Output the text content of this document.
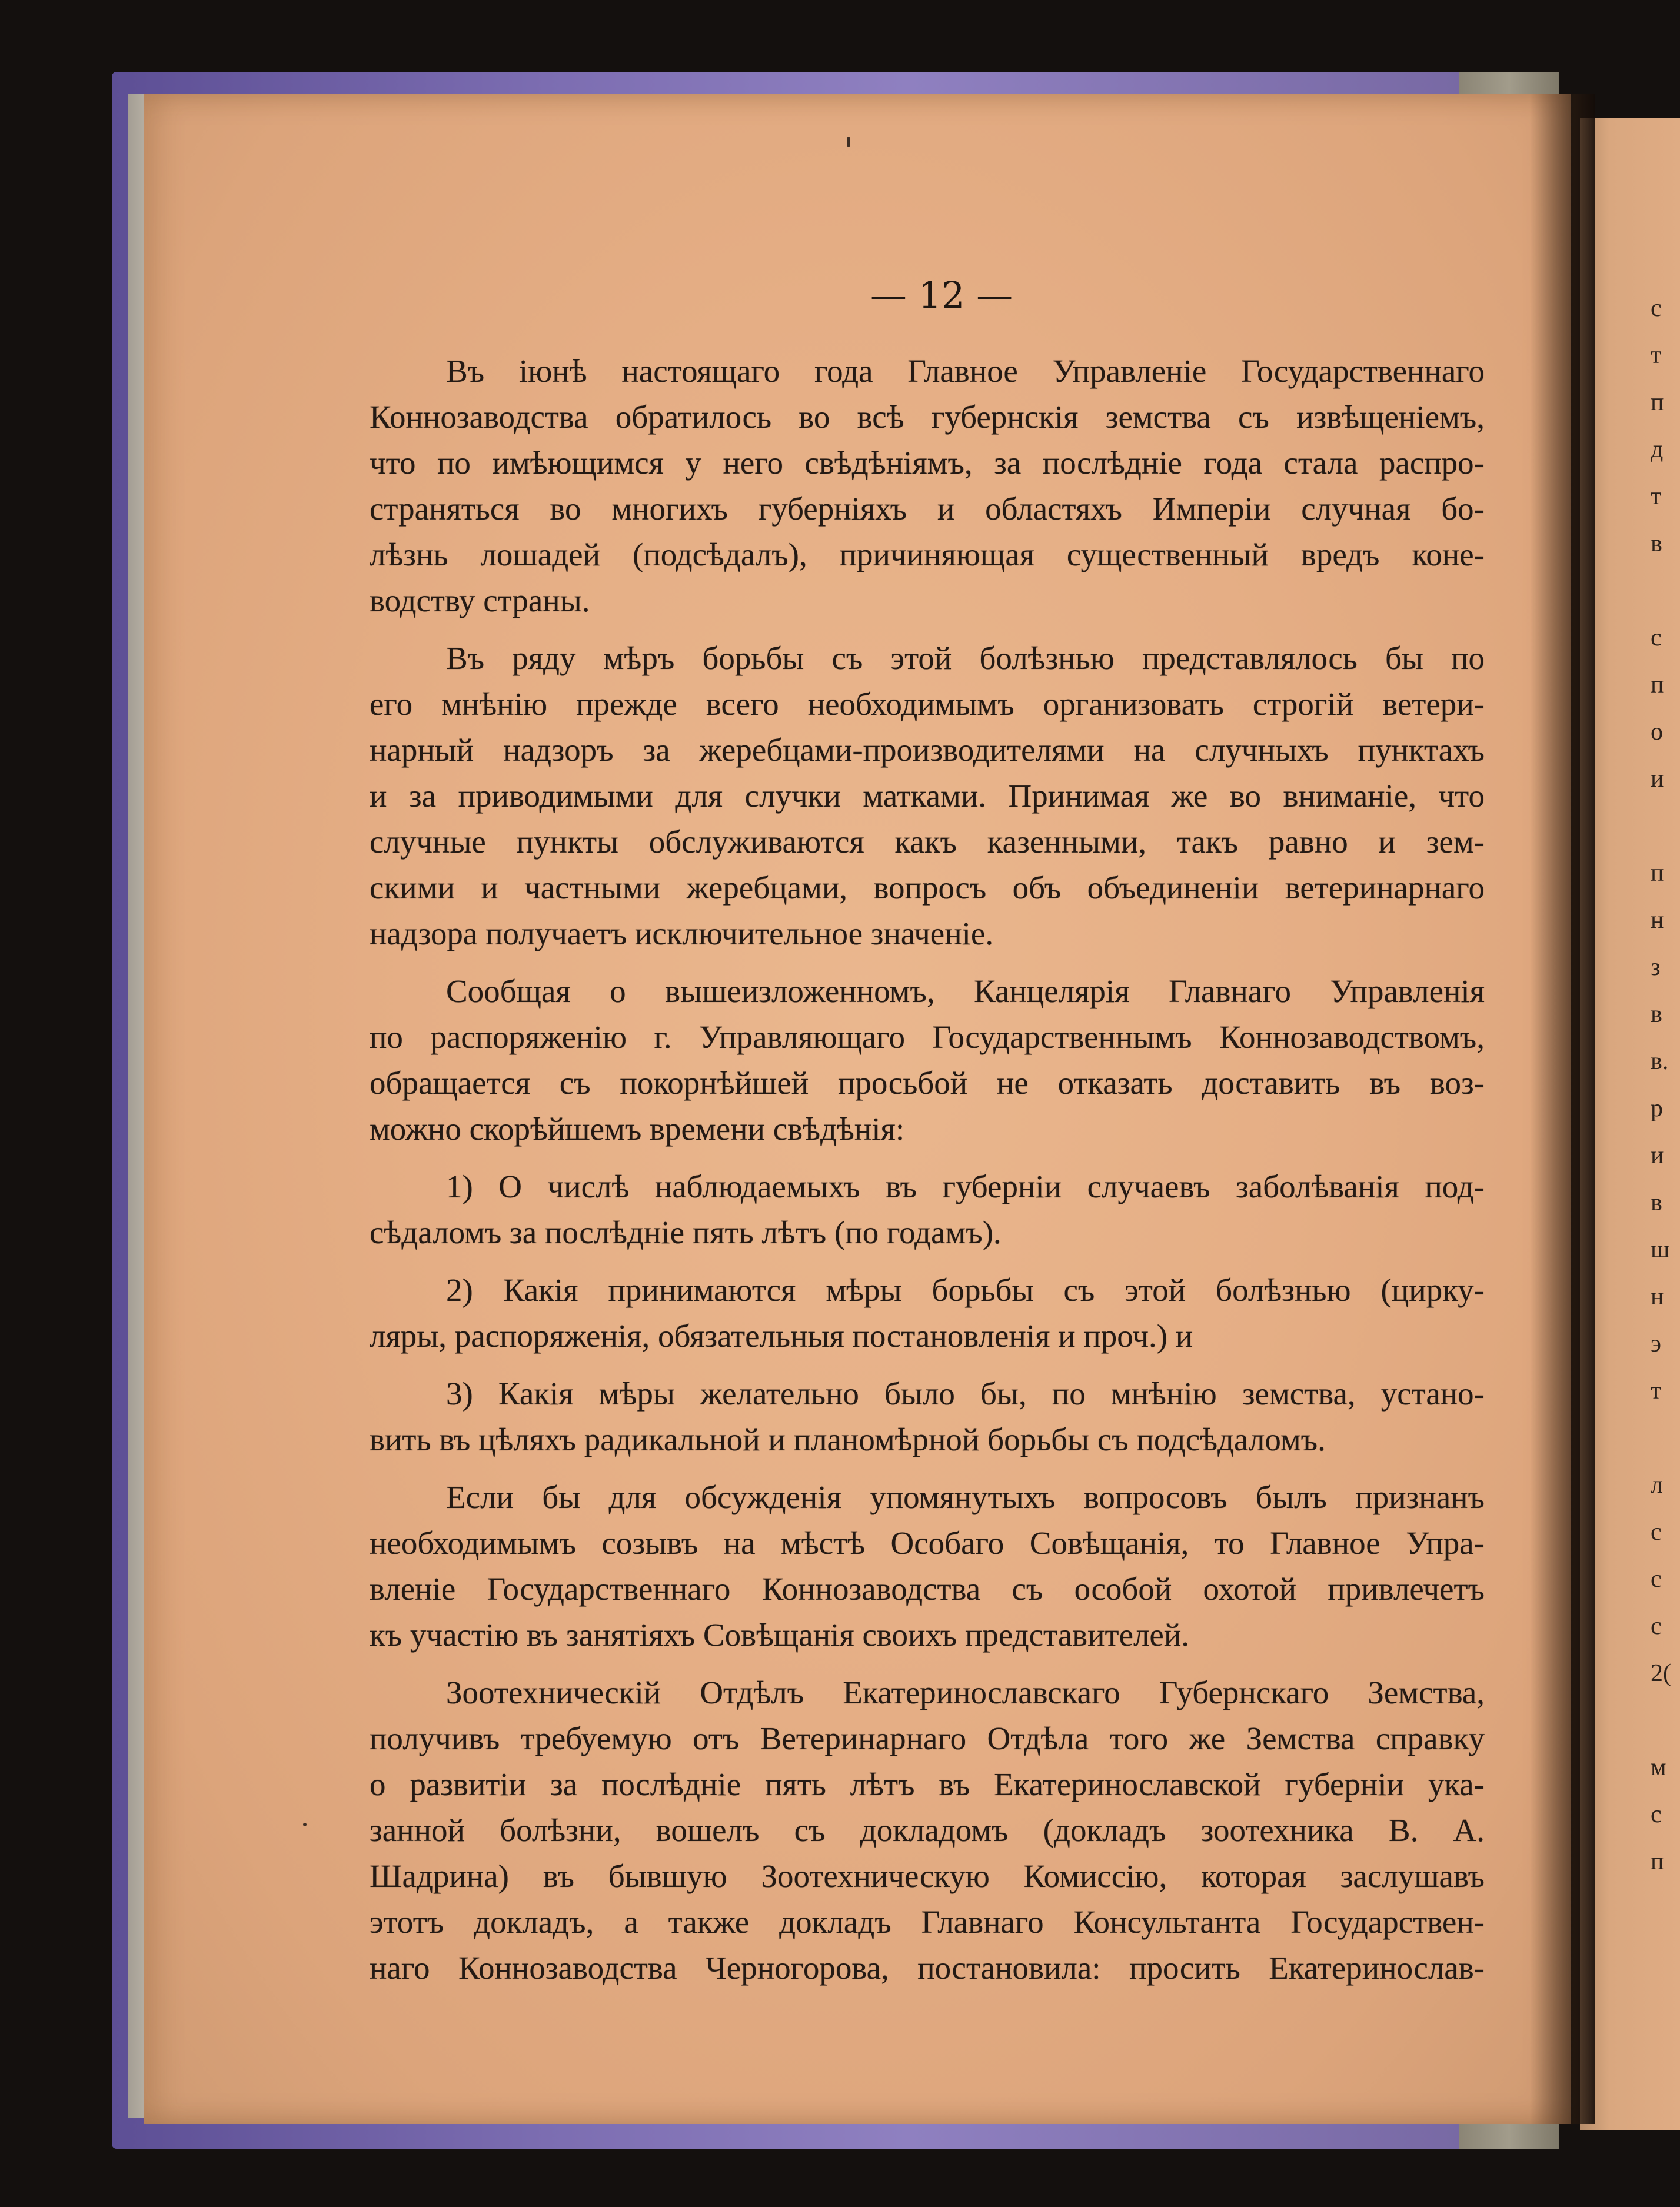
с
т
п
д
т
в
с
п
о
и
п
н
з
в
в.
р
и
в
ш
н
э
т
л
с
с
с
2(
м
с
п
— 12 —
Въ іюнѣ настоящаго года Главное Управленіе Государственнаго
Коннозаводства обратилось во всѣ губернскія земства съ извѣщеніемъ,
что по имѣющимся у него свѣдѣніямъ, за послѣдніе года стала распро-
страняться во многихъ губерніяхъ и областяхъ Имперіи случная бо-
лѣзнь лошадей (подсѣдалъ), причиняющая существенный вредъ коне-
водству страны.
Въ ряду мѣръ борьбы съ этой болѣзнью представлялось бы по
его мнѣнію прежде всего необходимымъ организовать строгій ветери-
нарный надзоръ за жеребцами-производителями на случныхъ пунктахъ
и за приводимыми для случки матками. Принимая же во вниманіе, что
случные пункты обслуживаются какъ казенными, такъ равно и зем-
скими и частными жеребцами, вопросъ объ объединеніи ветеринарнаго
надзора получаетъ исключительное значеніе.
Сообщая о вышеизложенномъ, Канцелярія Главнаго Управленія
по распоряженію г. Управляющаго Государственнымъ Коннозаводствомъ,
обращается съ покорнѣйшей просьбой не отказать доставить въ воз-
можно скорѣйшемъ времени свѣдѣнія:
1) О числѣ наблюдаемыхъ въ губерніи случаевъ заболѣванія под-
сѣдаломъ за послѣдніе пять лѣтъ (по годамъ).
2) Какія принимаются мѣры борьбы съ этой болѣзнью (цирку-
ляры, распоряженія, обязательныя постановленія и проч.) и
3) Какія мѣры желательно было бы, по мнѣнію земства, устано-
вить въ цѣляхъ радикальной и планомѣрной борьбы съ подсѣдаломъ.
Если бы для обсужденія упомянутыхъ вопросовъ былъ признанъ
необходимымъ созывъ на мѣстѣ Особаго Совѣщанія, то Главное Упра-
вленіе Государственнаго Коннозаводства съ особой охотой привлечетъ
къ участію въ занятіяхъ Совѣщанія своихъ представителей.
Зоотехническій Отдѣлъ Екатеринославскаго Губернскаго Земства,
получивъ требуемую отъ Ветеринарнаго Отдѣла того же Земства справку
о развитіи за послѣдніе пять лѣтъ въ Екатеринославской губерніи ука-
занной болѣзни, вошелъ съ докладомъ (докладъ зоотехника В. А.
Шадрина) въ бывшую Зоотехническую Комиссію, которая заслушавъ
этотъ докладъ, а также докладъ Главнаго Консультанта Государствен-
наго Коннозаводства Черногорова, постановила: просить Екатеринослав-
